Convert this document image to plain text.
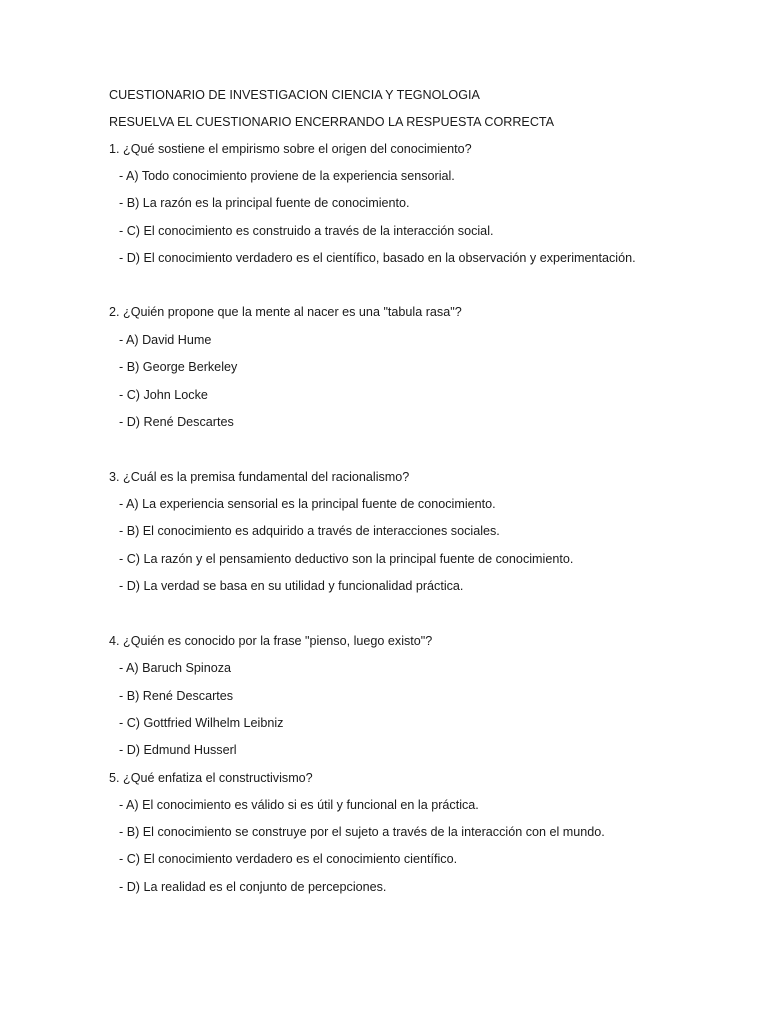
CUESTIONARIO DE INVESTIGACION CIENCIA Y TEGNOLOGIA

RESUELVA EL CUESTIONARIO ENCERRANDO LA RESPUESTA CORRECTA

1. ¿Qué sostiene el empirismo sobre el origen del conocimiento?

- A) Todo conocimiento proviene de la experiencia sensorial.

- B) La razón es la principal fuente de conocimiento.

- C) El conocimiento es construido a través de la interacción social.

- D) El conocimiento verdadero es el científico, basado en la observación y experimentación.

2. ¿Quién propone que la mente al nacer es una "tabula rasa"?

- A) David Hume

- B) George Berkeley

- C) John Locke

- D) René Descartes

3. ¿Cuál es la premisa fundamental del racionalismo?

- A) La experiencia sensorial es la principal fuente de conocimiento.

- B) El conocimiento es adquirido a través de interacciones sociales.

- C) La razón y el pensamiento deductivo son la principal fuente de conocimiento.

- D) La verdad se basa en su utilidad y funcionalidad práctica.

4. ¿Quién es conocido por la frase "pienso, luego existo"?

- A) Baruch Spinoza

- B) René Descartes

- C) Gottfried Wilhelm Leibniz

- D) Edmund Husserl

5. ¿Qué enfatiza el constructivismo?

- A) El conocimiento es válido si es útil y funcional en la práctica.

- B) El conocimiento se construye por el sujeto a través de la interacción con el mundo.

- C) El conocimiento verdadero es el conocimiento científico.

- D) La realidad es el conjunto de percepciones.
